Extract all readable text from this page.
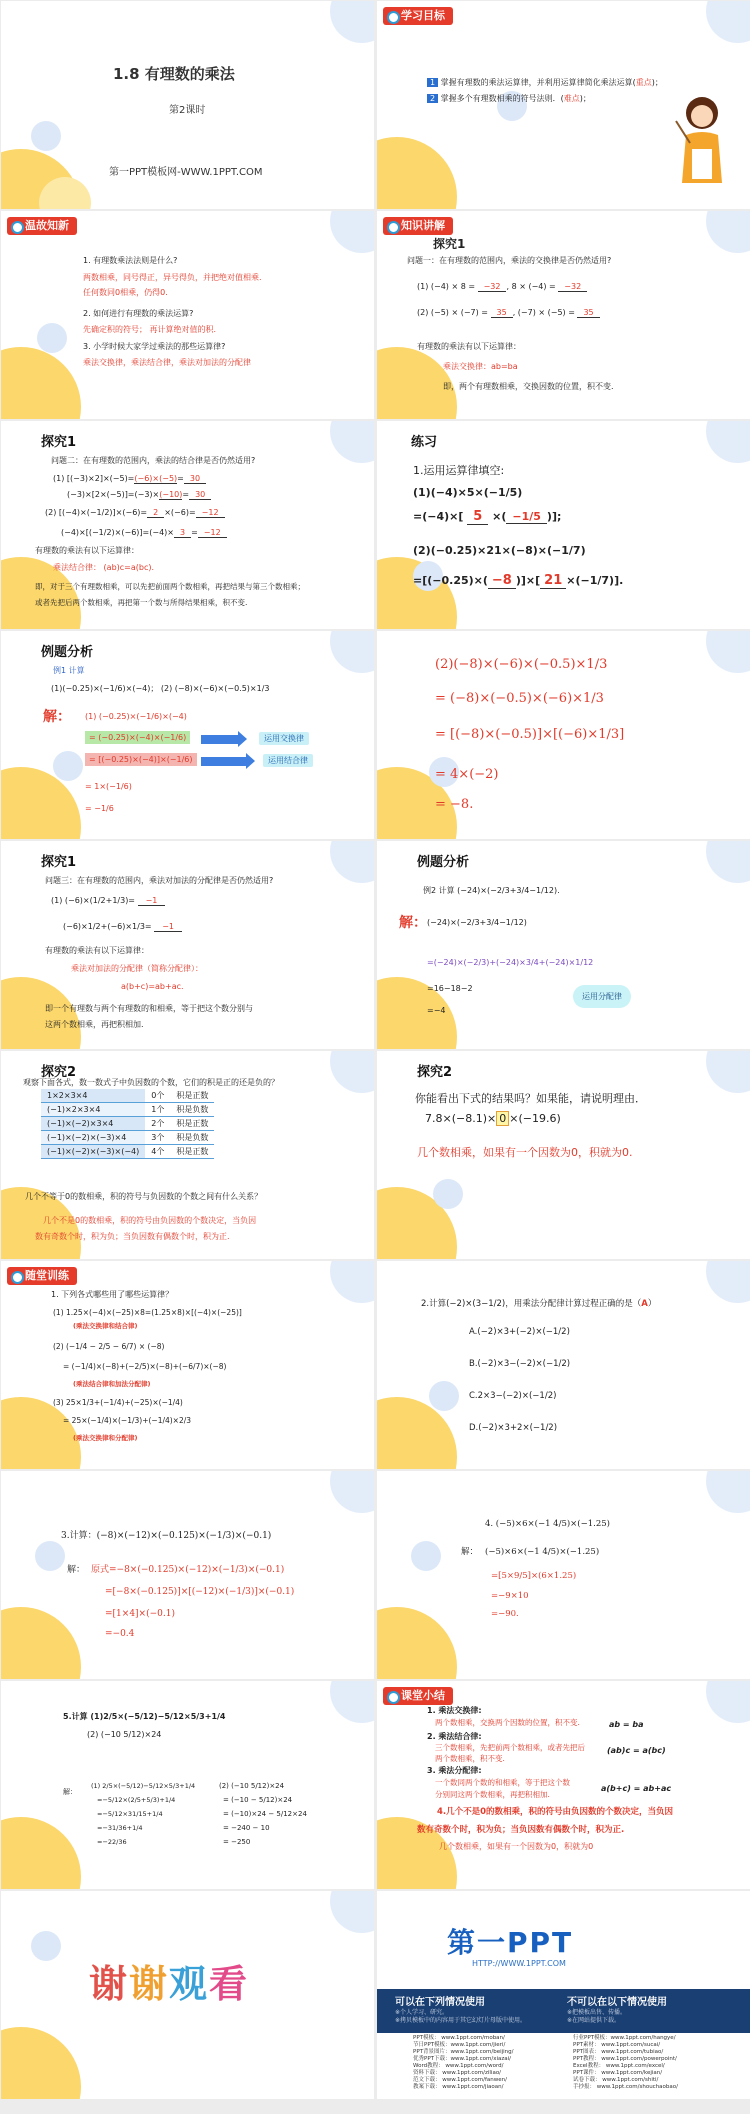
1.8 有理数的乘法
第2课时
第一PPT模板网-WWW.1PPT.COM
学习目标
1 掌握有理数的乘法运算律，并利用运算律简化乘法运算(重点)；
2 掌握多个有理数相乘的符号法则．(难点)；
温故知新
1. 有理数乘法法则是什么?
两数相乘，同号得正，异号得负，并把绝对值相乘.
任何数同0相乘，仍得0.
2. 如何进行有理数的乘法运算?
先确定积的符号； 再计算绝对值的积.
3. 小学时候大家学过乘法的那些运算律?
乘法交换律，乘法结合律，乘法对加法的分配律
知识讲解
探究1
问题一：在有理数的范围内，乘法的交换律是否仍然适用?
(1) (−4) × 8 = −32 , 8 × (−4) = −32
(2) (−5) × (−7) = 35 , (−7) × (−5) = 35
有理数的乘法有以下运算律：
乘法交换律：ab=ba
即，两个有理数相乘，交换因数的位置，积不变.
探究1
问题二：在有理数的范围内，乘法的结合律是否仍然适用?
(1) [(−3)×2]×(−5)=(−6)×(−5)= 30
(−3)×[2×(−5)]=(−3)×(−10)= 30
(2) [(−4)×(−1/2)]×(−6)= 2 ×(−6)= −12
(−4)×[(−1/2)×(−6)]=(−4)× 3 = −12
有理数的乘法有以下运算律：
乘法结合律： (ab)c=a(bc).
即，对于三个有理数相乘，可以先把前面两个数相乘，再把结果与第三个数相乘；
或者先把后两个数相乘，再把第一个数与所得结果相乘，积不变.
练习
1.运用运算律填空:
(1)(−4)×5×(−1/5)
=(−4)×[ 5 ×( −1/5 )];
(2)(−0.25)×21×(−8)×(−1/7)
=[(−0.25)×( −8 )]×[ 21 ×(−1/7)].
例题分析
例1 计算
(1)(−0.25)×(−1/6)×(−4)； (2) (−8)×(−6)×(−0.5)×1/3
解： (1) (−0.25)×(−1/6)×(−4)
= (−0.25)×(−4)×(−1/6)	运用交换律
= [(−0.25)×(−4)]×(−1/6)	运用结合律
= 1×(−1/6)
= −1/6
(2)(−8)×(−6)×(−0.5)×1/3
= (−8)×(−0.5)×(−6)×1/3
= [(−8)×(−0.5)]×[(−6)×1/3]
= 4×(−2)
= −8.
探究1
问题三：在有理数的范围内，乘法对加法的分配律是否仍然适用?
(1) (−6)×(1/2+1/3)= −1
(−6)×1/2+(−6)×1/3= −1
有理数的乘法有以下运算律：
乘法对加法的分配律（简称分配律）：
a(b+c)=ab+ac.
即一个有理数与两个有理数的和相乘，等于把这个数分别与
这两个数相乘，再把积相加.
例题分析
例2 计算 (−24)×(−2/3+3/4−1/12).
解： (−24)×(−2/3+3/4−1/12)
=(−24)×(−2/3)+(−24)×3/4+(−24)×1/12
=16−18−2
=−4
运用分配律
探究2
观察下面各式，数一数式子中负因数的个数，它们的积是正的还是负的？
1×2×3×4	0个	积是正数
(−1)×2×3×4	1个	积是负数
(−1)×(−2)×3×4	2个	积是正数
(−1)×(−2)×(−3)×4	3个	积是负数
(−1)×(−2)×(−3)×(−4)	4个	积是正数
几个不等于0的数相乘，积的符号与负因数的个数之间有什么关系？
几个不是0的数相乘，积的符号由负因数的个数决定，当负因
数有奇数个时，积为负；当负因数有偶数个时，积为正.
探究2
你能看出下式的结果吗？如果能，请说明理由．
7.8×(−8.1)× 0 ×(−19.6)
几个数相乘，如果有一个因数为0，积就为0.
随堂训练
1. 下列各式哪些用了哪些运算律？
(1) 1.25×(−4)×(−25)×8=(1.25×8)×[(−4)×(−25)]
(乘法交换律和结合律)
(2) (−1/4 − 2/5 − 6/7) × (−8)
= (−1/4)×(−8)+(−2/5)×(−8)+(−6/7)×(−8)
(乘法结合律和加法分配律)
(3) 25×1/3+(−1/4)+(−25)×(−1/4)
= 25×(−1/4)×(−1/3)+(−1/4)×2/3
(乘法交换律和分配律)
2.计算(−2)×(3−1/2)，用乘法分配律计算过程正确的是（A）
A.(−2)×3+(−2)×(−1/2)
B.(−2)×3−(−2)×(−1/2)
C.2×3−(−2)×(−1/2)
D.(−2)×3+2×(−1/2)
3.计算：(−8)×(−12)×(−0.125)×(−1/3)×(−0.1)
解： 原式=−8×(−0.125)×(−12)×(−1/3)×(−0.1)
=[−8×(−0.125)]×[(−12)×(−1/3)]×(−0.1)
=[1×4]×(−0.1)
=−0.4
4. (−5)×6×(−1 4/5)×(−1.25)
解： (−5)×6×(−1 4/5)×(−1.25)
=[5×9/5]×(6×1.25)
=−9×10
=−90.
5.计算 (1)2/5×(−5/12)−5/12×5/3+1/4
(2) (−10 5/12)×24
解：
(1) 2/5×(−5/12)−5/12×5/3+1/4
=−5/12×(2/5+5/3)+1/4
=−5/12×31/15+1/4
=−31/36+1/4
=−22/36
(2) (−10 5/12)×24
= (−10 − 5/12)×24
= (−10)×24 − 5/12×24
= −240 − 10
= −250
课堂小结
1. 乘法交换律:
两个数相乘，交换两个因数的位置，积不变.	ab = ba
2. 乘法结合律:
三个数相乘，先把前两个数相乘，或者先把后
两个数相乘，积不变.
(ab)c = a(bc)
3. 乘法分配律:
一个数同两个数的和相乘，等于把这个数
分别同这两个数相乘，再把积相加.
a(b+c) = ab+ac
4.几个不是0的数相乘，积的符号由负因数的个数决定，当负因
数有奇数个时，积为负；当负因数有偶数个时，积为正.
几个数相乘，如果有一个因数为0，积就为0
谢谢观看
第一PPT
HTTP://WWW.1PPT.COM
可以在下列情况使用
※个人学习、研究。
※拷贝模板中的内容用于其它幻灯片母版中使用。
不可以在以下情况使用
※把模板出售、传播。
※在网站提供下载。
PPT模板： www.1ppt.com/moban/
节日PPT模板：www.1ppt.com/jieri/
PPT背景图片：www.1ppt.com/beijing/
优秀PPT下载：www.1ppt.com/xiazai/
Word教程： www.1ppt.com/word/
资料下载： www.1ppt.com/ziliao/
范文下载： www.1ppt.com/fanwen/
教案下载： www.1ppt.com/jiaoan/
行业PPT模板：www.1ppt.com/hangye/
PPT素材： www.1ppt.com/sucai/
PPT图表： www.1ppt.com/tubiao/
PPT教程： www.1ppt.com/powerpoint/
Excel教程： www.1ppt.com/excel/
PPT课件： www.1ppt.com/kejian/
试卷下载： www.1ppt.com/shiti/
手抄报： www.1ppt.com/shouchaobao/
